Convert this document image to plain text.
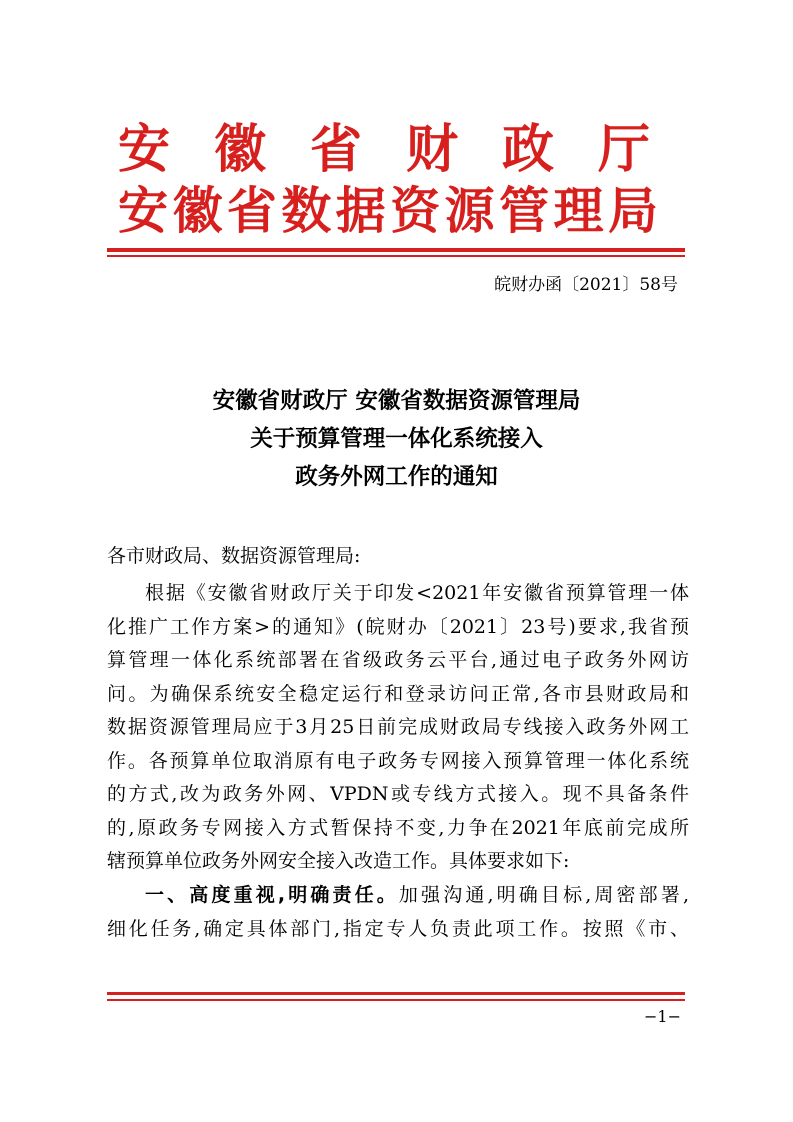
安徽省财政厅
安徽省数据资源管理局
皖财办函〔2021〕58号
安徽省财政厅 安徽省数据资源管理局
关于预算管理一体化系统接入
政务外网工作的通知
各市财政局、数据资源管理局:
根据《安徽省财政厅关于印发<2021年安徽省预算管理一体
化推广工作方案>的通知》(皖财办〔2021〕23号)要求,我省预
算管理一体化系统部署在省级政务云平台,通过电子政务外网访
问。为确保系统安全稳定运行和登录访问正常,各市县财政局和
数据资源管理局应于3月25日前完成财政局专线接入政务外网工
作。各预算单位取消原有电子政务专网接入预算管理一体化系统
的方式,改为政务外网、VPDN或专线方式接入。现不具备条件
的,原政务专网接入方式暂保持不变,力争在2021年底前完成所
辖预算单位政务外网安全接入改造工作。具体要求如下:
一、高度重视,明确责任。加强沟通,明确目标,周密部署,
细化任务,确定具体部门,指定专人负责此项工作。按照《市、
−1−
